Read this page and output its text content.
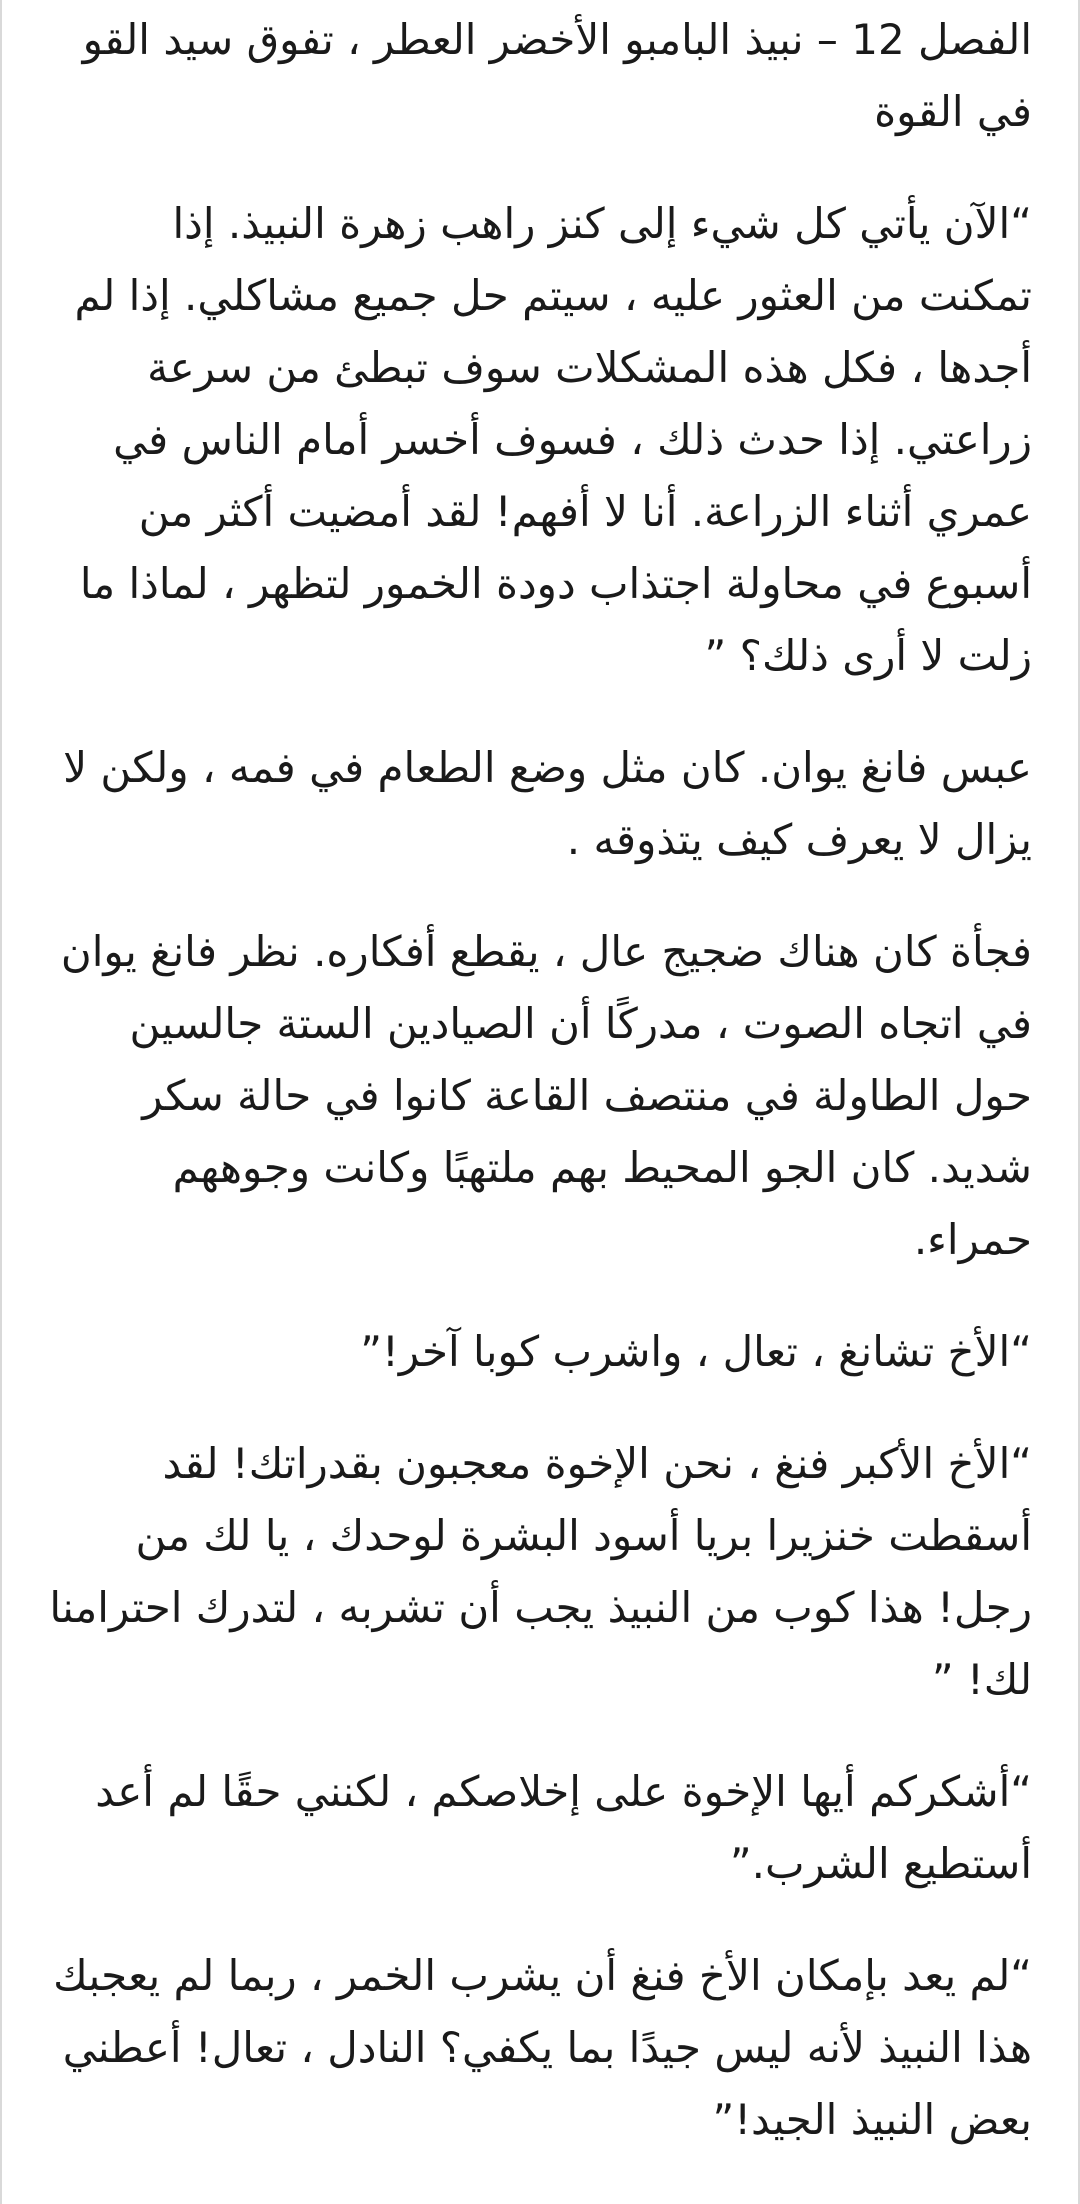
الفصل 12 – نبيذ البامبو الأخضر العطر ، تفوق سيد القو في القوة

“الآن يأتي كل شيء إلى كنز راهب زهرة النبيذ. إذا تمكنت من العثور عليه ، سيتم حل جميع مشاكلي. إذا لم أجدها ، فكل هذه المشكلات سوف تبطئ من سرعة زراعتي. إذا حدث ذلك ، فسوف أخسر أمام الناس في عمري أثناء الزراعة. أنا لا أفهم! لقد أمضيت أكثر من أسبوع في محاولة اجتذاب دودة الخمور لتظهر ، لماذا ما زلت لا أرى ذلك؟ ”

عبس فانغ يوان. كان مثل وضع الطعام في فمه ، ولكن لا يزال لا يعرف كيف يتذوقه .

فجأة كان هناك ضجيج عال ، يقطع أفكاره. نظر فانغ يوان في اتجاه الصوت ، مدركًا أن الصيادين الستة جالسين حول الطاولة في منتصف القاعة كانوا في حالة سكر شديد. كان الجو المحيط بهم ملتهبًا وكانت وجوههم حمراء.

“الأخ تشانغ ، تعال ، واشرب كوبا آخر!”

“الأخ الأكبر فنغ ، نحن الإخوة معجبون بقدراتك! لقد أسقطت خنزيرا بريا أسود البشرة لوحدك ، يا لك من رجل! هذا كوب من النبيذ يجب أن تشربه ، لتدرك احترامنا لك! ”

“أشكركم أيها الإخوة على إخلاصكم ، لكنني حقًا لم أعد أستطيع الشرب.”

“لم يعد بإمكان الأخ فنغ أن يشرب الخمر ، ربما لم يعجبك هذا النبيذ لأنه ليس جيدًا بما يكفي؟ النادل ، تعال! أعطني بعض النبيذ الجيد!”
